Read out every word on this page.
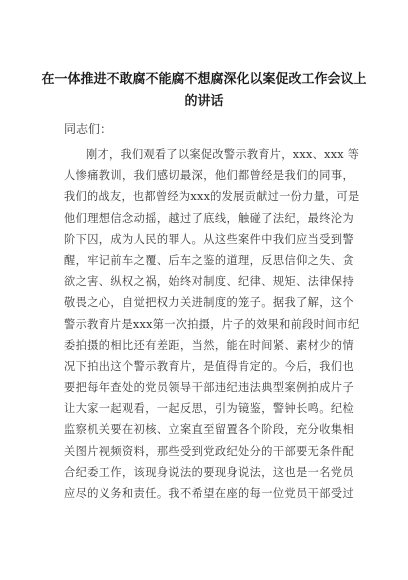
在一体推进不敢腐不能腐不想腐深化以案促改工作会议上
的讲话

同志们：

刚才，我们观看了以案促改警示教育片，xxx、xxx 等
人惨痛教训，我们感切最深，他们都曾经是我们的同事，
我们的战友，也都曾经为xxx的发展贡献过一份力量，可是
他们理想信念动摇，越过了底线，触碰了法纪，最终沦为
阶下囚，成为人民的罪人。从这些案件中我们应当受到警
醒，牢记前车之覆、后车之鉴的道理，反思信仰之失、贪
欲之害、纵权之祸，始终对制度、纪律、规矩、法律保持
敬畏之心，自觉把权力关进制度的笼子。据我了解，这个
警示教育片是xxx第一次拍摄，片子的效果和前段时间市纪
委拍摄的相比还有差距，当然，能在时间紧、素材少的情
况下拍出这个警示教育片，是值得肯定的。今后，我们也
要把每年查处的党员领导干部违纪违法典型案例拍成片子
让大家一起观看，一起反思，引为镜鉴，警钟长鸣。纪检
监察机关要在初核、立案直至留置各个阶段，充分收集相
关图片视频资料，那些受到党政纪处分的干部要无条件配
合纪委工作，该现身说法的要现身说法，这也是一名党员
应尽的义务和责任。我不希望在座的每一位党员干部受过
